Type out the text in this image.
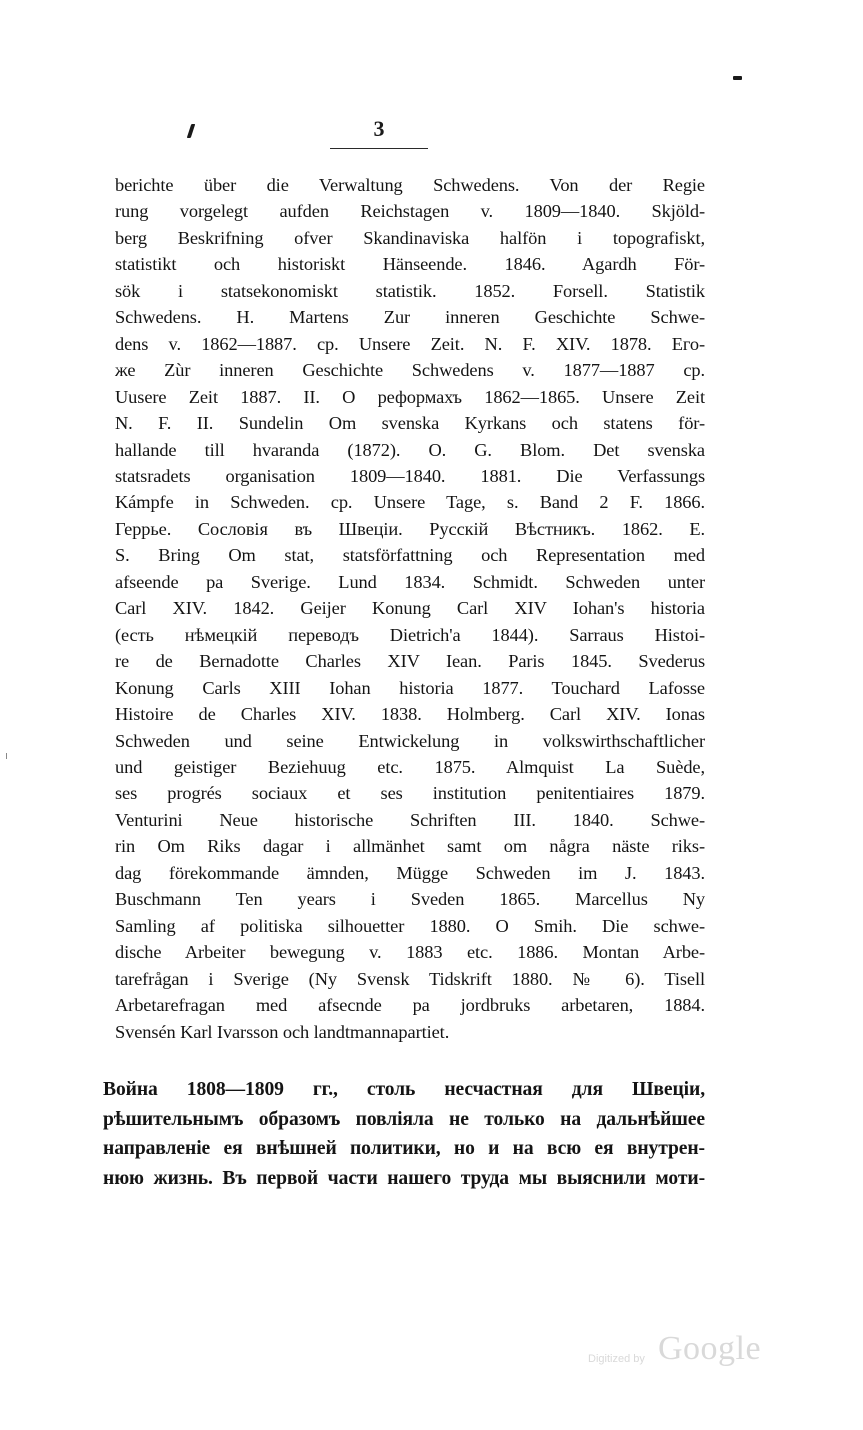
3
berichte über die Verwaltung Schwedens. Von der Regie
rung vorgelegt aufden Reichstagen v. 1809—1840. Skjöld-
berg Beskrifning ofver Skandinaviska halfön i topografiskt,
statistikt och historiskt Hänseende. 1846. Agardh För-
sök i statsekonomiskt statistik. 1852. Forsell. Statistik
Schwedens. H. Martens Zur inneren Geschichte Schwe-
dens v. 1862—1887. cp. Unsere Zeit. N. F. XIV. 1878. Его-
же Zùr inneren Geschichte Schwedens v. 1877—1887 cp.
Uusere Zeit 1887. II. О реформахъ 1862—1865. Unsere Zeit
N. F. II. Sundelin Om svenska Kyrkans och statens för-
hallande till hvaranda (1872). O. G. Blom. Det svenska
statsradets organisation 1809—1840. 1881. Die Verfassungs
Kámpfe in Schweden. cp. Unsere Tage, s. Band 2 F. 1866.
Геррье. Сословія въ Швеціи. Русскій Вѣстникъ. 1862. E.
S. Bring Om stat, statsförfattning och Representation med
afseende pa Sverige. Lund 1834. Schmidt. Schweden unter
Carl XIV. 1842. Geijer Konung Carl XIV Iohan's historia
(есть нѣмецкій переводъ Dietrich'a 1844). Sarraus Histoi-
re de Bernadotte Charles XIV Iean. Paris 1845. Svederus
Konung Carls XIII Iohan historia 1877. Touchard Lafosse
Histoire de Charles XIV. 1838. Holmberg. Carl XIV. Ionas
Schweden und seine Entwickelung in volkswirthschaftlicher
und geistiger Beziehuug etc. 1875. Almquist La Suède,
ses progrés sociaux et ses institution penitentiaires 1879.
Venturini Neue historische Schriften III. 1840. Schwe-
rin Om Riks dagar i allmänhet samt om några näste riks-
dag förekommande ämnden, Mügge Schweden im J. 1843.
Buschmann Ten years i Sveden 1865. Marcellus Ny
Samling af politiska silhouetter 1880. O Smih. Die schwe-
dische Arbeiter bewegung v. 1883 etc. 1886. Montan Arbe-
tarefrågan i Sverige (Ny Svensk Tidskrift 1880. № 6). Tisell
Arbetarefragan med afsecnde pa jordbruks arbetaren, 1884.
Svensén Karl Ivarsson och landtmannapartiet.
Война 1808—1809 гг., столь несчастная для Швеціи,
рѣшительнымъ образомъ повліяла не только на дальнѣйшее
направленіе ея внѣшней политики, но и на всю ея внутрен-
нюю жизнь. Въ первой части нашего труда мы выяснили моти-
Digitized by Google
